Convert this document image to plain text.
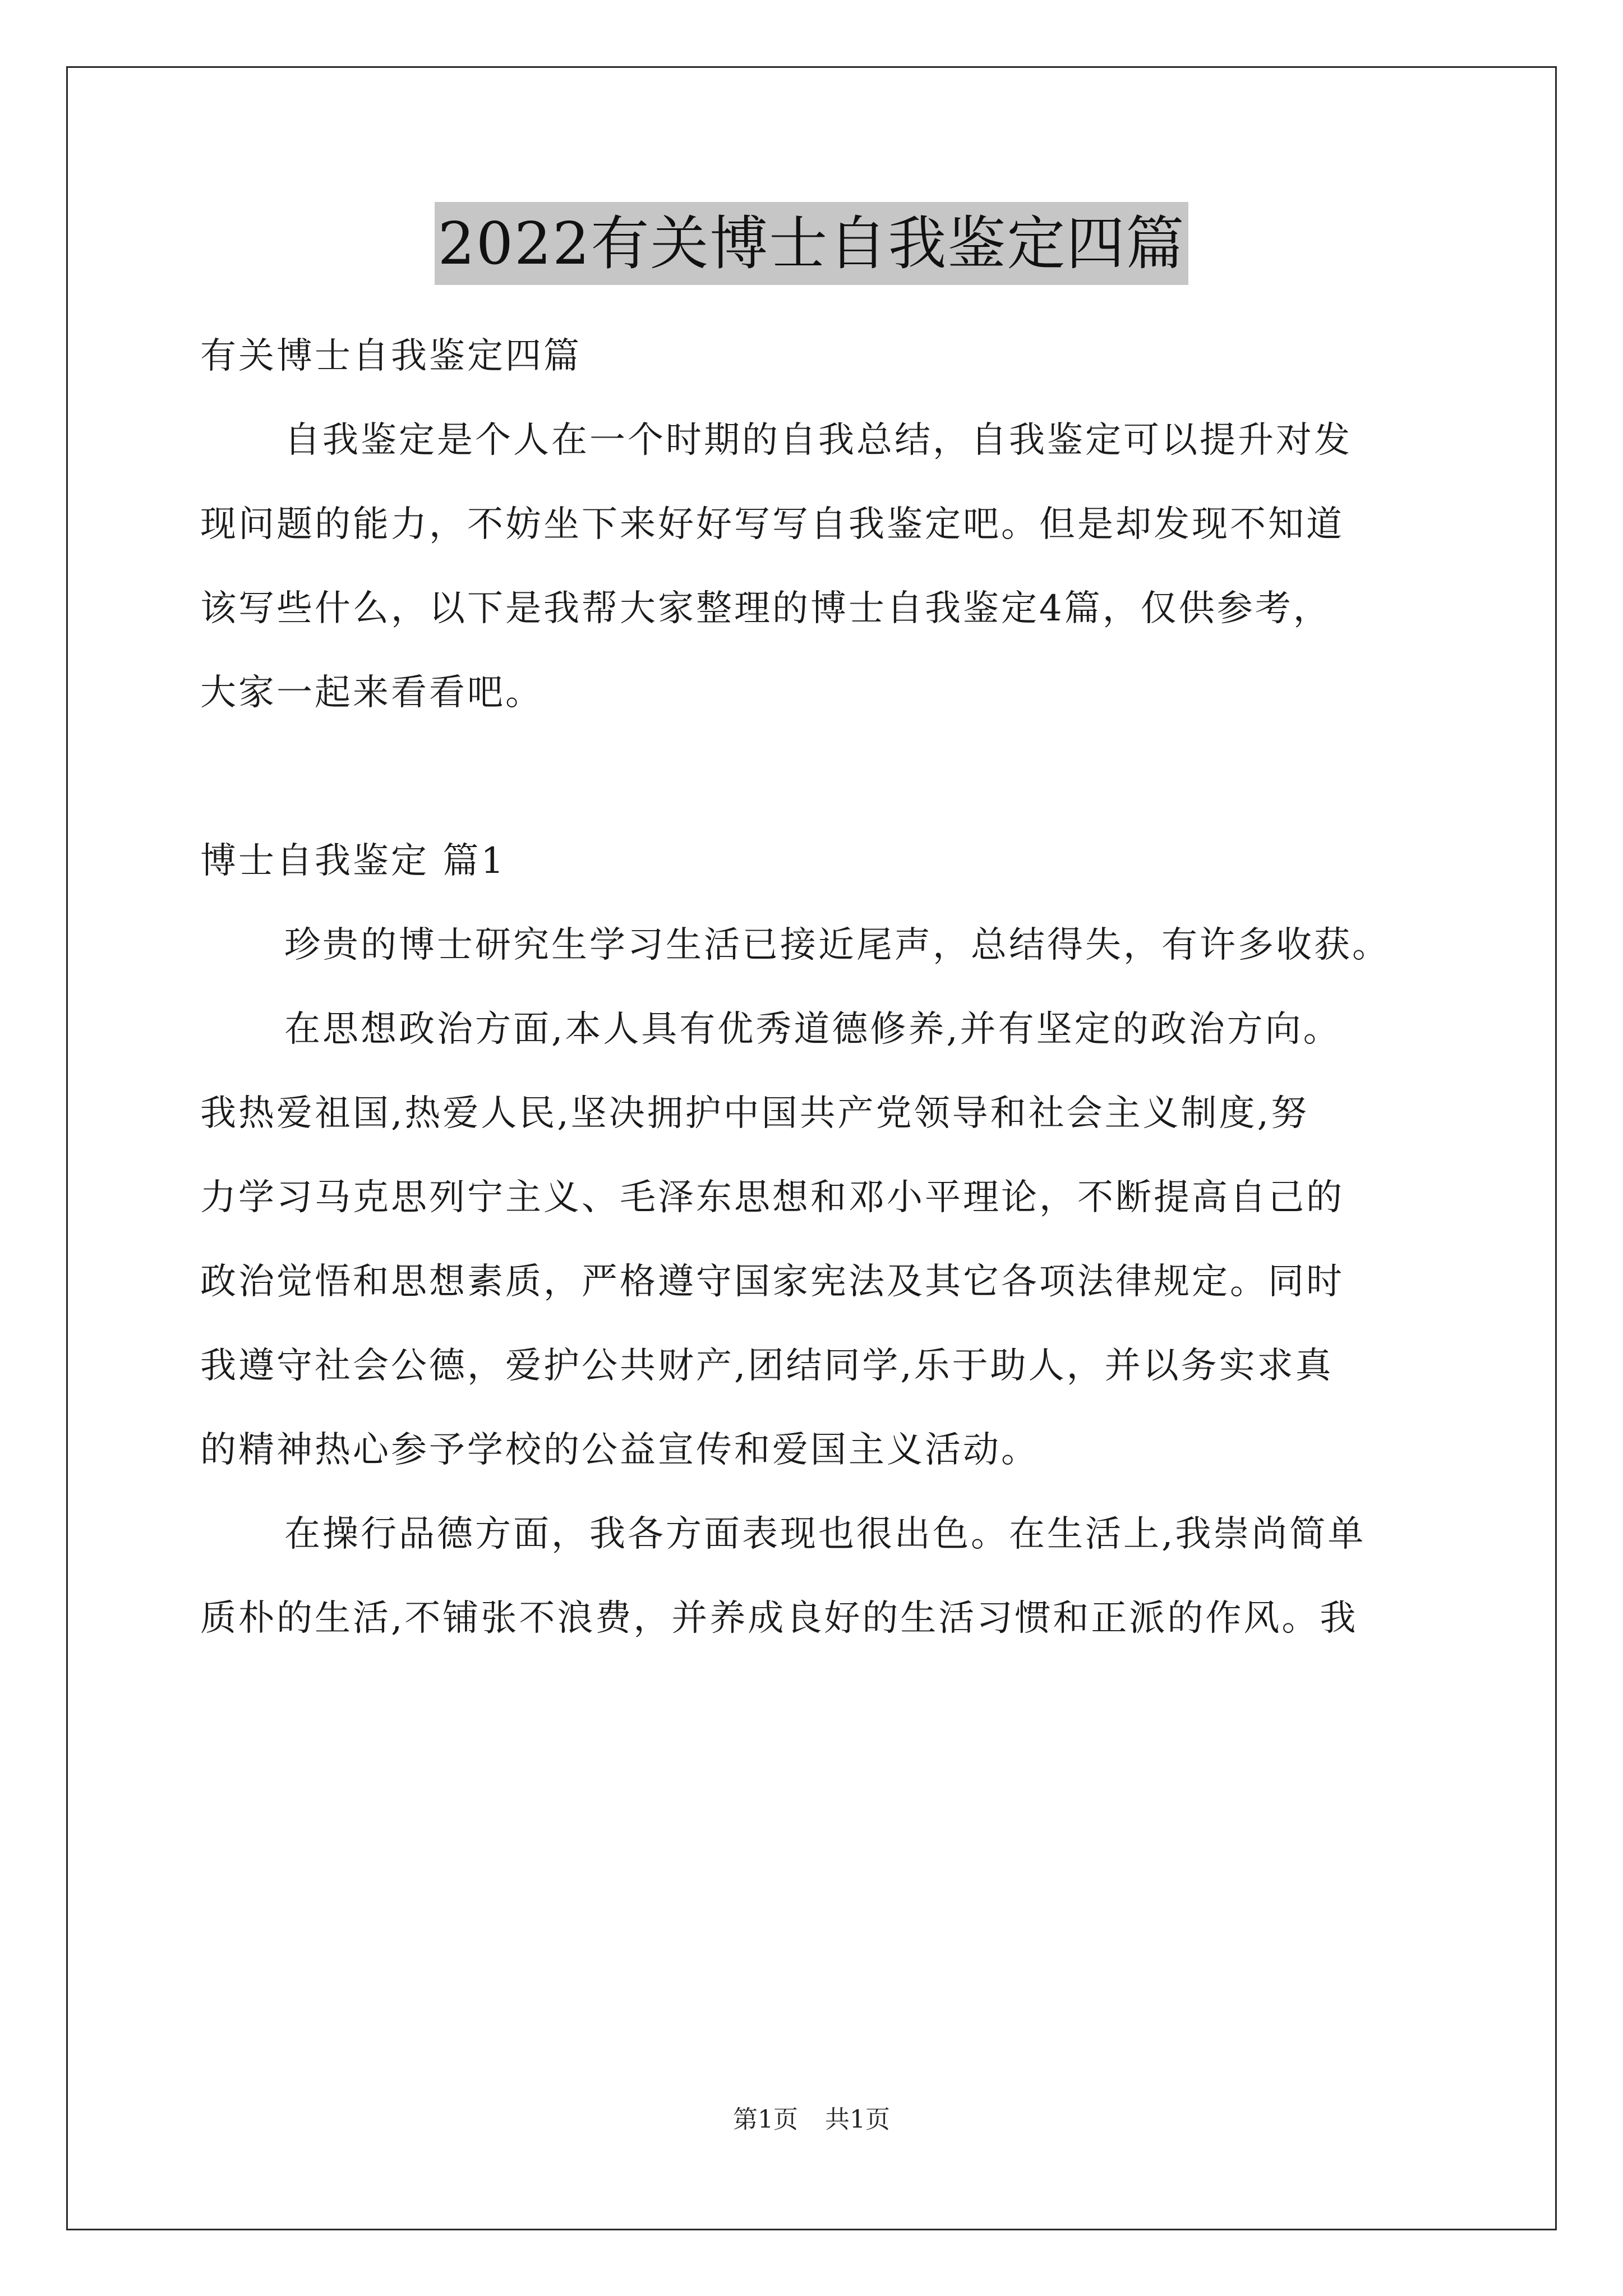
2022有关博士自我鉴定四篇
有关博士自我鉴定四篇
自我鉴定是个人在一个时期的自我总结，自我鉴定可以提升对发
现问题的能力，不妨坐下来好好写写自我鉴定吧。但是却发现不知道
该写些什么，以下是我帮大家整理的博士自我鉴定4篇，仅供参考，
大家一起来看看吧。
博士自我鉴定 篇1
珍贵的博士研究生学习生活已接近尾声，总结得失，有许多收获。
在思想政治方面,本人具有优秀道德修养,并有坚定的政治方向。
我热爱祖国,热爱人民,坚决拥护中国共产党领导和社会主义制度,努
力学习马克思列宁主义、毛泽东思想和邓小平理论，不断提高自己的
政治觉悟和思想素质，严格遵守国家宪法及其它各项法律规定。同时
我遵守社会公德，爱护公共财产,团结同学,乐于助人，并以务实求真
的精神热心参予学校的公益宣传和爱国主义活动。
在操行品德方面，我各方面表现也很出色。在生活上,我崇尚简单
质朴的生活,不铺张不浪费，并养成良好的生活习惯和正派的作风。我
第1页 共1页
